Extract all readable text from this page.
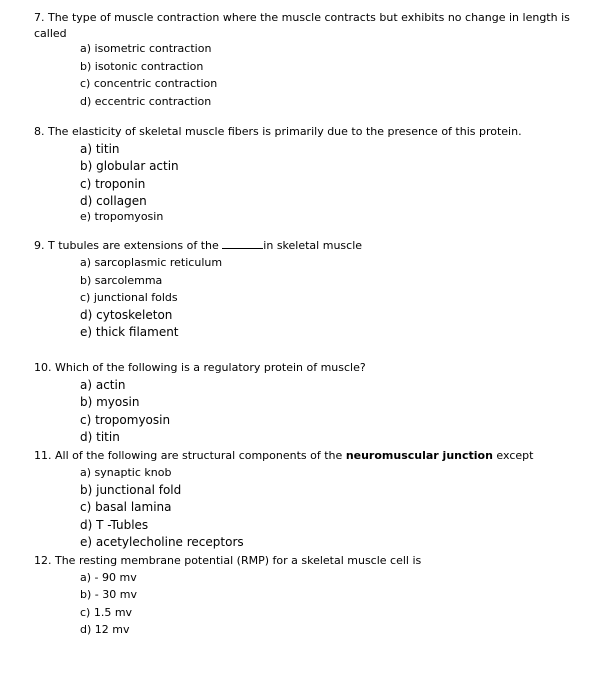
7. The type of muscle contraction where the muscle contracts but exhibits no change in length is called
a) isometric contraction
b) isotonic contraction
c) concentric contraction
d) eccentric contraction
8. The elasticity of skeletal muscle fibers is primarily due to the presence of this protein.
a) titin
b) globular actin
c) troponin
d) collagen
e) tropomyosin
9. T tubules are extensions of the	in skeletal muscle
a) sarcoplasmic reticulum
b) sarcolemma
c) junctional folds
d) cytoskeleton
e) thick filament
10. Which of the following is a regulatory protein of muscle?
a) actin
b) myosin
c) tropomyosin
d) titin
11. All of the following are structural components of the neuromuscular junction except
a) synaptic knob
b) junctional fold
c) basal lamina
d) T -Tubles
e) acetylecholine receptors
12. The resting membrane potential (RMP) for a skeletal muscle cell is
a) - 90 mv
b) - 30 mv
c) 1.5 mv
d) 12 mv
